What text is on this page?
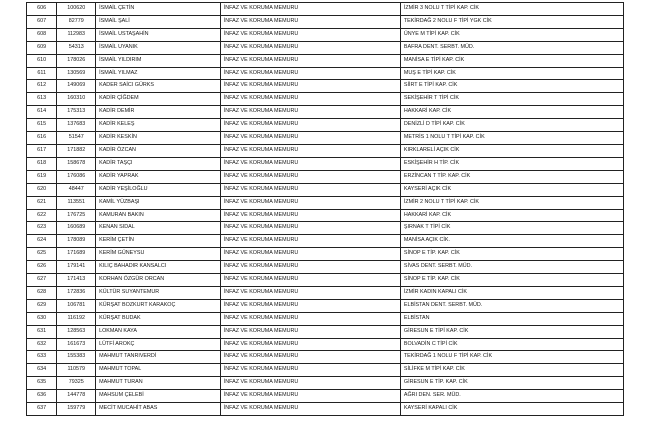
606	100620	İSMAİL ÇETİN	İNFAZ VE KORUMA MEMURU	İZMİR 3 NOLU T TİPİ KAP. CİK
607	82779	İSMAİL ŞALİ	İNFAZ VE KORUMA MEMURU	TEKİRDAĞ 2 NOLU F TİPİ YGK CİK
608	112983	İSMAİL USTAŞAHİN	İNFAZ VE KORUMA MEMURU	ÜNYE M TİPİ KAP. CİK
609	54313	İSMAİL UYANIK	İNFAZ VE KORUMA MEMURU	BAFRA DENT. SERBT. MÜD.
610	178026	İSMAİL YILDIRIM	İNFAZ VE KORUMA MEMURU	MANİSA E TİPİ KAP. CİK
611	130569	İSMAİL YILMAZ	İNFAZ VE KORUMA MEMURU	MUŞ E TİPİ KAP. CİK
612	149069	KADER SAİCI GÜRKS	İNFAZ VE KORUMA MEMURU	SİİRT E TİPİ KAP. CİK
613	160310	KADİR ÇİĞDEM	İNFAZ VE KORUMA MEMURU	SEKİŞEHİR T TİPİ CİK
614	175313	KADİR DEMİR	İNFAZ VE KORUMA MEMURU	HAKKARİ KAP. CİK
615	137683	KADİR KELEŞ	İNFAZ VE KORUMA MEMURU	DENİZLİ D TİPİ KAP. CİK
616	51547	KADİR KESKİN	İNFAZ VE KORUMA MEMURU	METRİS 1 NOLU T TİPİ KAP. CİK
617	171882	KADİR ÖZCAN	İNFAZ VE KORUMA MEMURU	KIRKLARELİ AÇIK CİK
618	158678	KADİR TAŞÇI	İNFAZ VE KORUMA MEMURU	ESKİŞEHİR H TİP. CİK
619	176086	KADİR YAPRAK	İNFAZ VE KORUMA MEMURU	ERZİNCAN T TİP. KAP. CİK
620	48447	KADİR YEŞİLOĞLU	İNFAZ VE KORUMA MEMURU	KAYSERİ AÇIK CİK
621	113551	KAMİL YÜZBAŞI	İNFAZ VE KORUMA MEMURU	İZMİR 2 NOLU T TİPİ KAP. CİK
622	176725	KAMURAN BAKIN	İNFAZ VE KORUMA MEMURU	HAKKARİ KAP. CİK
623	160689	KENAN SIDAL	İNFAZ VE KORUMA MEMURU	ŞIRNAK T TİPİ CİK
624	178089	KERİM ÇETİN	İNFAZ VE KORUMA MEMURU	MANİSA AÇIK CİK.
625	171689	KERİM GÜNEYSU	İNFAZ VE KORUMA MEMURU	SİNOP E TİP. KAP. CİK
626	179141	KILIÇ BAHADIR KANSALCI	İNFAZ VE KORUMA MEMURU	SİVAS DENT. SERBT. MÜD.
627	171413	KORHAN ÖZGÜR ORCAN	İNFAZ VE KORUMA MEMURU	SİNOP E TİP. KAP. CİK
628	172836	KÜLTÜR SUYANTEMUR	İNFAZ VE KORUMA MEMURU	İZMİR KADIN KAPALI CİK
629	106781	KÜRŞAT BOZKURT KARAKOÇ	İNFAZ VE KORUMA MEMURU	ELBİSTAN DENT. SERBT. MÜD.
630	116192	KÜRŞAT BUDAK	İNFAZ VE KORUMA MEMURU	ELBİSTAN
631	128563	LOKMAN KAYA	İNFAZ VE KORUMA MEMURU	GİRESUN E TİPİ KAP. CİK
632	161673	LÜTFİ AROKÇ	İNFAZ VE KORUMA MEMURU	BOLVADİN C TİPİ CİK
633	155383	MAHMUT TANRIVERDİ	İNFAZ VE KORUMA MEMURU	TEKİRDAĞ 1 NOLU F TİPİ KAP. CİK
634	110579	MAHMUT TOPAL	İNFAZ VE KORUMA MEMURU	SİLİFKE M TİPİ KAP. CİK
635	79325	MAHMUT TURAN	İNFAZ VE KORUMA MEMURU	GİRESUN E TİP. KAP. CİK
636	144778	MAHSUM ÇELEBİ	İNFAZ VE KORUMA MEMURU	AĞRI DEN. SER. MÜD.
637	159779	MECİT MUCAHİT ABAS	İNFAZ VE KORUMA MEMURU	KAYSERİ KAPALI CİK
